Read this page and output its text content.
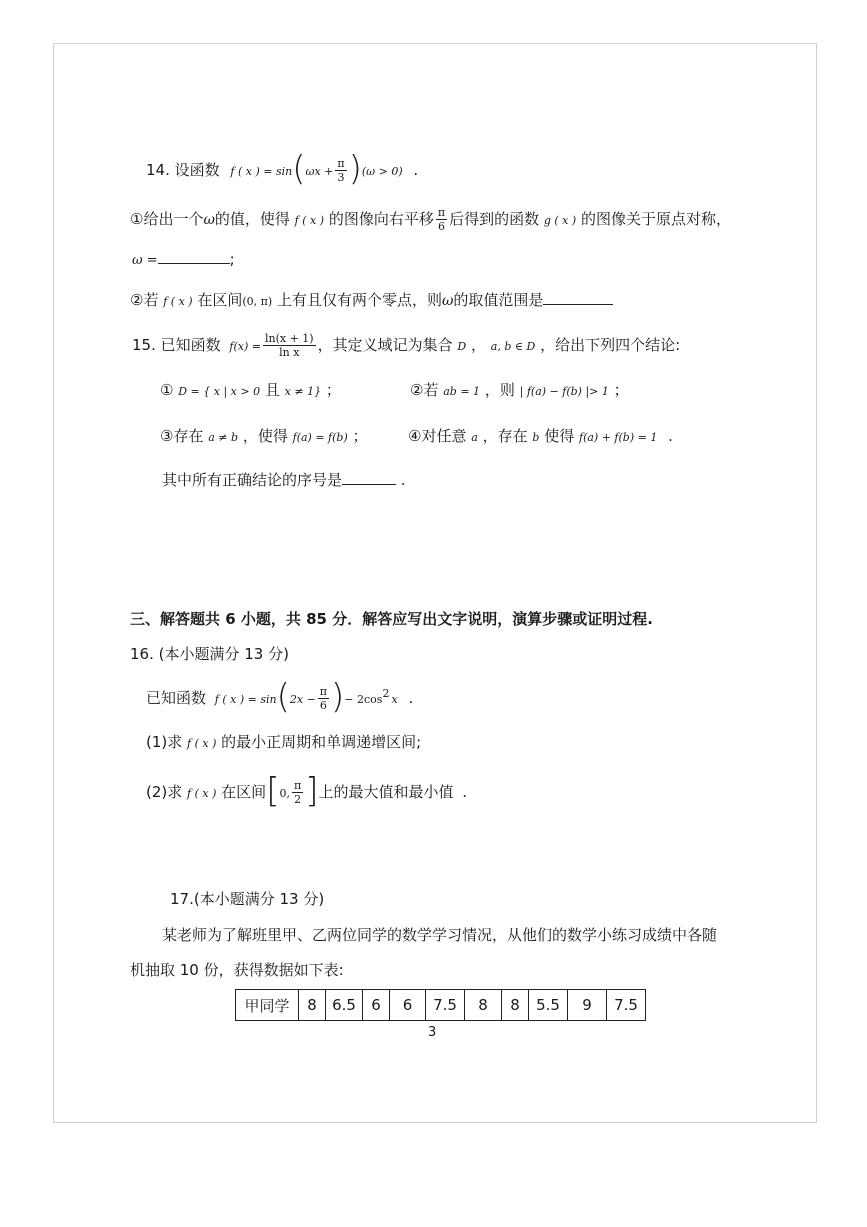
14. 设函数 f ( x ) = $\sin(\omega x + \frac{\pi}{3} )(\omega > 0)$ .
①给出一个ω的值，使得 f ( x ) 的图像向右平移 $\frac{\pi}{6}$ 后得到的函数 g ( x ) 的图像关于原点对称，
ω =	;
②若 f ( x ) 在区间(0, π) 上有且仅有两个零点，则ω的取值范围是
15. 已知函数 $f(x) = \frac{\ln(x + 1)}{\text{ln x}}$ ，其定义域记为集合 D ， a, b ∈ D ，给出下列四个结论:
① D = { x | x > 0 且 x ≠ 1} ；	②若 ab = 1 ，则 | f(a) − f(b) |> 1 ；
③存在 a ≠ b ，使得 f(a) = f(b) ；	④对任意 a ，存在 b 使得 f(a) + f(b) = 1 .
其中所有正确结论的序号是	.
三、解答题共 6 小题，共 85 分．解答应写出文字说明，演算步骤或证明过程.
16. (本小题满分 13 分)
已知函数 f ( x ) = $\sin(2x - \frac{\pi}{6}$ )− $2\cos^2$ x .
(1)求 f ( x ) 的最小正周期和单调递增区间;
(2)求 f ( x ) 在区间[0, $\frac{\pi}{2}$ ]上的最大值和最小值 .
17.(本小题满分 13 分)
某老师为了解班里甲、乙两位同学的数学学习情况，从他们的数学小练习成绩中各随
机抽取 10 份，获得数据如下表:
甲同学	8	6.5	6	6	7.5	8	8	5.5	9	7.5
3
